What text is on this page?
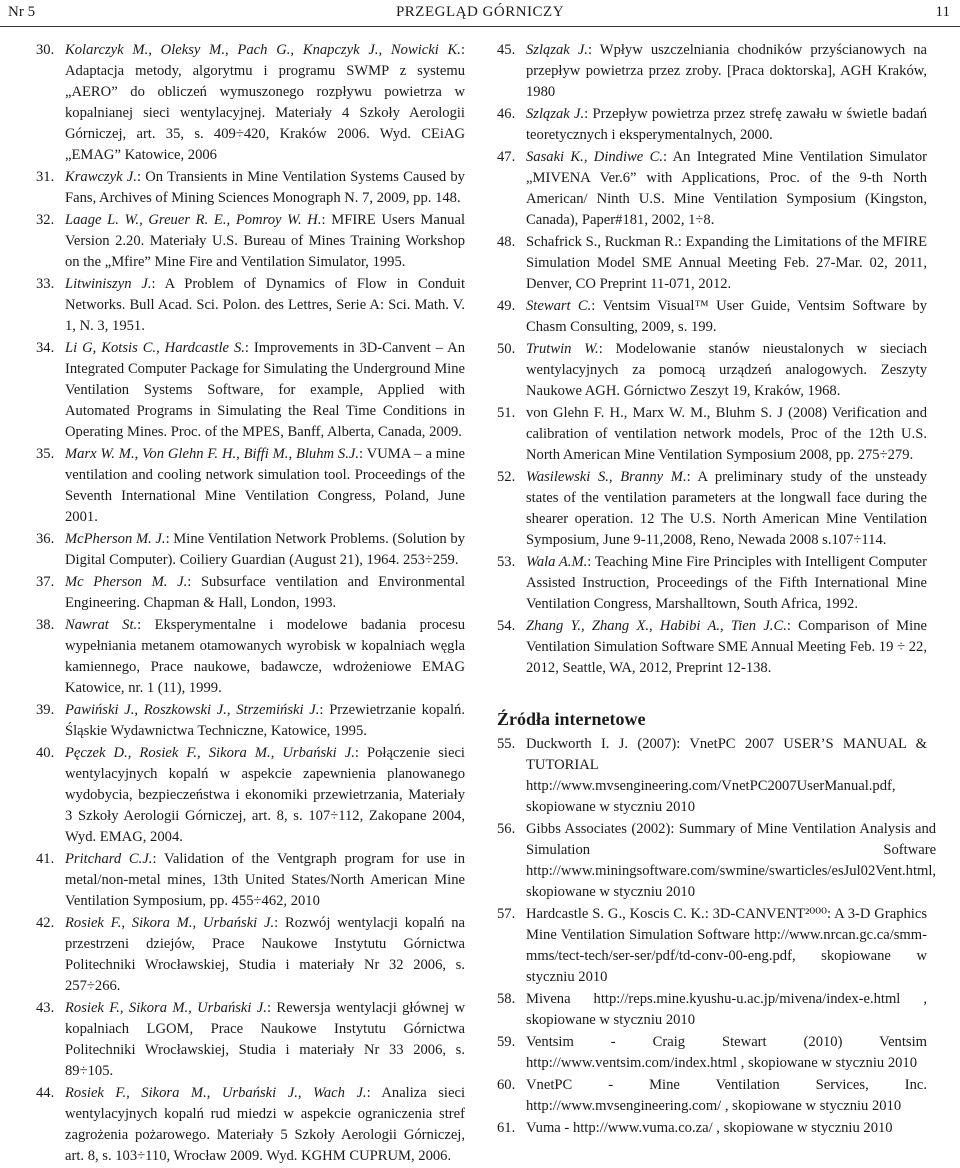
Nr 5	PRZEGLĄD GÓRNICZY	11
30. Kolarczyk M., Oleksy M., Pach G., Knapczyk J., Nowicki K.: Adaptacja metody, algorytmu i programu SWMP z systemu „AERO” do obliczeń wymuszonego rozpływu powietrza w kopalnianej sieci wentylacyjnej. Materiały 4 Szkoły Aerologii Górniczej, art. 35, s. 409÷420, Kraków 2006. Wyd. CEiAG „EMAG” Katowice, 2006
31. Krawczyk J.: On Transients in Mine Ventilation Systems Caused by Fans, Archives of Mining Sciences Monograph N. 7, 2009, pp. 148.
32. Laage L. W., Greuer R. E., Pomroy W. H.: MFIRE Users Manual Version 2.20. Materiały U.S. Bureau of Mines Training Workshop on the „Mfire” Mine Fire and Ventilation Simulator, 1995.
33. Litwiniszyn J.: A Problem of Dynamics of Flow in Conduit Networks. Bull Acad. Sci. Polon. des Lettres, Serie A: Sci. Math. V. 1, N. 3, 1951.
34. Li G, Kotsis C., Hardcastle S.: Improvements in 3D-Canvent – An Integrated Computer Package for Simulating the Underground Mine Ventilation Systems Software, for example, Applied with Automated Programs in Simulating the Real Time Conditions in Operating Mines. Proc. of the MPES, Banff, Alberta, Canada, 2009.
35. Marx W. M., Von Glehn F. H., Biffi M., Bluhm S.J.: VUMA – a mine ventilation and cooling network simulation tool. Proceedings of the Seventh International Mine Ventilation Congress, Poland, June 2001.
36. McPherson M. J.: Mine Ventilation Network Problems. (Solution by Digital Computer). Coiliery Guardian (August 21), 1964. 253÷259.
37. Mc Pherson M. J.: Subsurface ventilation and Environmental Engineering. Chapman & Hall, London, 1993.
38. Nawrat St.: Eksperymentalne i modelowe badania procesu wypełniania metanem otamowanych wyrobisk w kopalniach węgla kamiennego, Prace naukowe, badawcze, wdrożeniowe EMAG Katowice, nr. 1 (11), 1999.
39. Pawiński J., Roszkowski J., Strzemiński J.: Przewietrzanie kopalń. Śląskie Wydawnictwa Techniczne, Katowice, 1995.
40. Pęczek D., Rosiek F., Sikora M., Urbański J.: Połączenie sieci wentylacyjnych kopalń w aspekcie zapewnienia planowanego wydobycia, bezpieczeństwa i ekonomiki przewietrzania, Materiały 3 Szkoły Aerologii Górniczej, art. 8, s. 107÷112, Zakopane 2004, Wyd. EMAG, 2004.
41. Pritchard C.J.: Validation of the Ventgraph program for use in metal/non-metal mines, 13th United States/North American Mine Ventilation Symposium, pp. 455÷462, 2010
42. Rosiek F., Sikora M., Urbański J.: Rozwój wentylacji kopalń na przestrzeni dziejów, Prace Naukowe Instytutu Górnictwa Politechniki Wrocławskiej, Studia i materiały Nr 32 2006, s. 257÷266.
43. Rosiek F., Sikora M., Urbański J.: Rewersja wentylacji głównej w kopalniach LGOM, Prace Naukowe Instytutu Górnictwa Politechniki Wrocławskiej, Studia i materiały Nr 33 2006, s. 89÷105.
44. Rosiek F., Sikora M., Urbański J., Wach J.: Analiza sieci wentylacyjnych kopalń rud miedzi w aspekcie ograniczenia stref zagrożenia pożarowego. Materiały 5 Szkoły Aerologii Górniczej, art. 8, s. 103÷110, Wrocław 2009. Wyd. KGHM CUPRUM, 2006.
45. Szlązak J.: Wpływ uszczelniania chodników przyścianowych na przepływ powietrza przez zroby. [Praca doktorska], AGH Kraków, 1980
46. Szlązak J.: Przepływ powietrza przez strefę zawału w świetle badań teoretycznych i eksperymentalnych, 2000.
47. Sasaki K., Dindiwe C.: An Integrated Mine Ventilation Simulator „MIVENA Ver.6” with Applications, Proc. of the 9-th North American/ Ninth U.S. Mine Ventilation Symposium (Kingston, Canada), Paper#181, 2002, 1÷8.
48. Schafrick S., Ruckman R.: Expanding the Limitations of the MFIRE Simulation Model SME Annual Meeting Feb. 27-Mar. 02, 2011, Denver, CO Preprint 11-071, 2012.
49. Stewart C.: Ventsim Visual™ User Guide, Ventsim Software by Chasm Consulting, 2009, s. 199.
50. Trutwin W.: Modelowanie stanów nieustalonych w sieciach wentylacyjnych za pomocą urządzeń analogowych. Zeszyty Naukowe AGH. Górnictwo Zeszyt 19, Kraków, 1968.
51. von Glehn F. H., Marx W. M., Bluhm S. J (2008) Verification and calibration of ventilation network models, Proc of the 12th U.S. North American Mine Ventilation Symposium 2008, pp. 275÷279.
52. Wasilewski S., Branny M.: A preliminary study of the unsteady states of the ventilation parameters at the longwall face during the shearer operation. 12 The U.S. North American Mine Ventilation Symposium, June 9-11,2008, Reno, Newada 2008 s.107÷114.
53. Wala A.M.: Teaching Mine Fire Principles with Intelligent Computer Assisted Instruction, Proceedings of the Fifth International Mine Ventilation Congress, Marshalltown, South Africa, 1992.
54. Zhang Y., Zhang X., Habibi A., Tien J.C.: Comparison of Mine Ventilation Simulation Software SME Annual Meeting Feb. 19 ÷ 22, 2012, Seattle, WA, 2012, Preprint 12-138.
Źródła internetowe
55. Duckworth I. J. (2007): VnetPC 2007 USER’S MANUAL & TUTORIAL http://www.mvsengineering.com/VnetPC2007UserManual.pdf, skopiowane w styczniu 2010
56. Gibbs Associates (2002): Summary of Mine Ventilation Analysis and Simulation Software http://www.miningsoftware.com/swmine/swarticles/esJul02Vent.html, skopiowane w styczniu 2010
57. Hardcastle S. G., Koscis C. K.: 3D-CANVENT²⁰⁰⁰: A 3-D Graphics Mine Ventilation Simulation Software http://www.nrcan.gc.ca/smm-mms/tect-tech/ser-ser/pdf/td-conv-00-eng.pdf, skopiowane w styczniu 2010
58. Mivena http://reps.mine.kyushu-u.ac.jp/mivena/index-e.html , skopiowane w styczniu 2010
59. Ventsim - Craig Stewart (2010) Ventsim http://www.ventsim.com/index.html , skopiowane w styczniu 2010
60. VnetPC - Mine Ventilation Services, Inc. http://www.mvsengineering.com/ , skopiowane w styczniu 2010
61. Vuma - http://www.vuma.co.za/ , skopiowane w styczniu 2010
